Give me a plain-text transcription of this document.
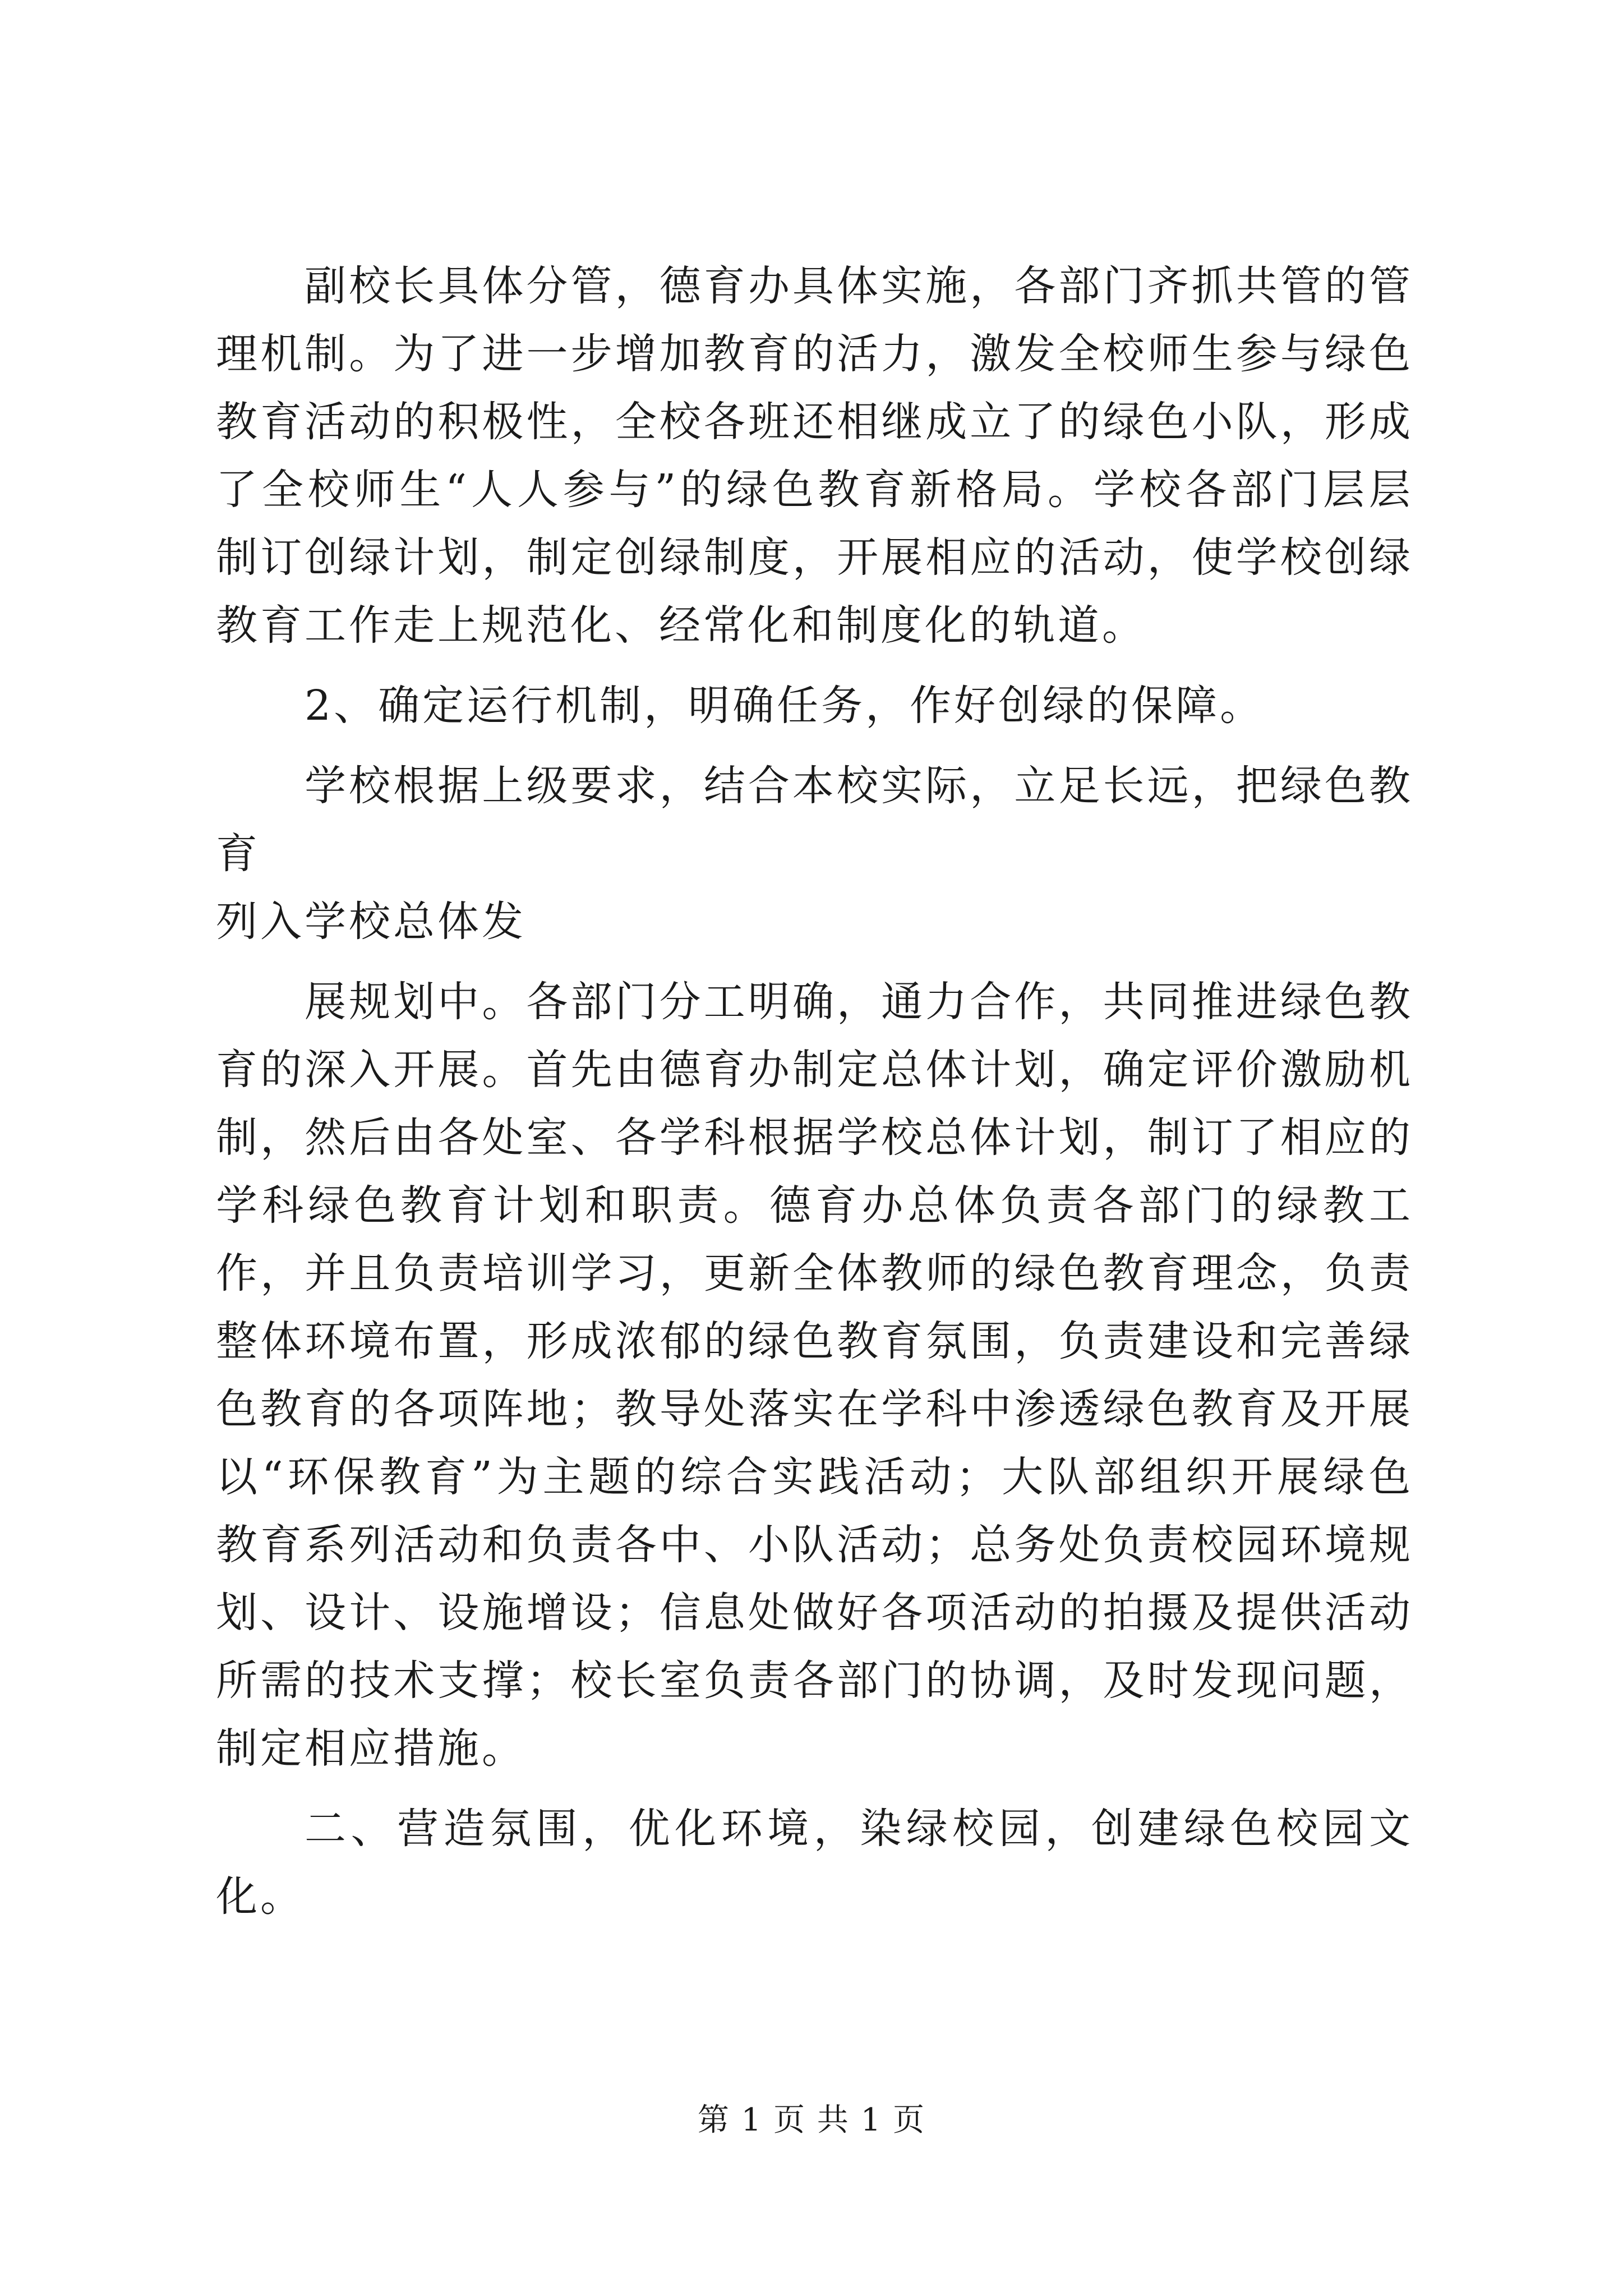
副校长具体分管，德育办具体实施，各部门齐抓共管的管理机制。为了进一步增加教育的活力，激发全校师生参与绿色教育活动的积极性，全校各班还相继成立了的绿色小队，形成了全校师生“人人参与”的绿色教育新格局。学校各部门层层制订创绿计划，制定创绿制度，开展相应的活动，使学校创绿教育工作走上规范化、经常化和制度化的轨道。

2、确定运行机制，明确任务，作好创绿的保障。

学校根据上级要求，结合本校实际，立足长远，把绿色教育

列入学校总体发

展规划中。各部门分工明确，通力合作，共同推进绿色教育的深入开展。首先由德育办制定总体计划，确定评价激励机制，然后由各处室、各学科根据学校总体计划，制订了相应的学科绿色教育计划和职责。德育办总体负责各部门的绿教工作，并且负责培训学习，更新全体教师的绿色教育理念，负责整体环境布置，形成浓郁的绿色教育氛围，负责建设和完善绿色教育的各项阵地；教导处落实在学科中渗透绿色教育及开展以“环保教育”为主题的综合实践活动；大队部组织开展绿色教育系列活动和负责各中、小队活动；总务处负责校园环境规划、设计、设施增设；信息处做好各项活动的拍摄及提供活动所需的技术支撑；校长室负责各部门的协调，及时发现问题，制定相应措施。

二、营造氛围，优化环境，染绿校园，创建绿色校园文化。

第 1 页 共 1 页
